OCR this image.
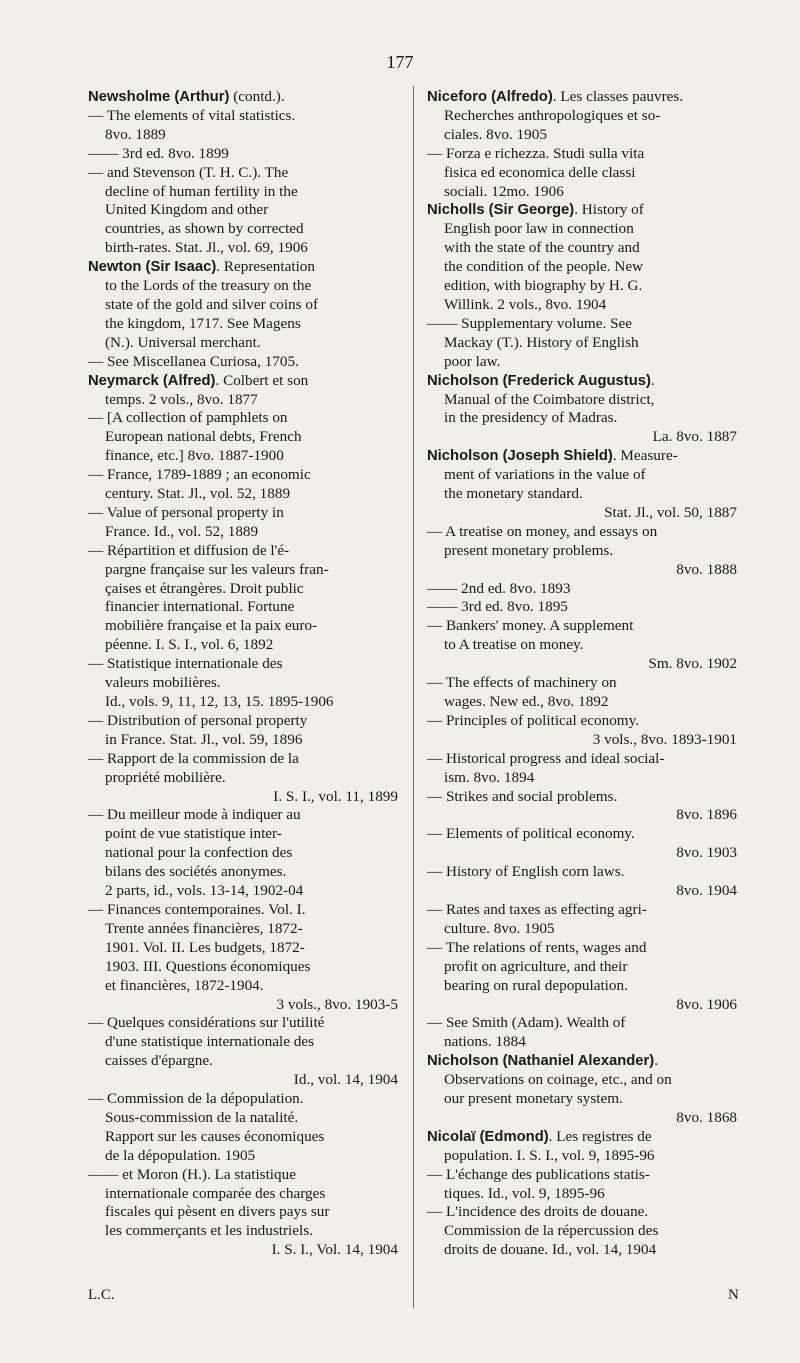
177
Newsholme (Arthur) (contd.).
— The elements of vital statistics.
8vo. 1889
—— 3rd ed. 8vo. 1899
— and Stevenson (T. H. C.). The
decline of human fertility in the
United Kingdom and other
countries, as shown by corrected
birth-rates. Stat. Jl., vol. 69, 1906
Newton (Sir Isaac). Representation
to the Lords of the treasury on the
state of the gold and silver coins of
the kingdom, 1717. See Magens
(N.). Universal merchant.
— See Miscellanea Curiosa, 1705.
Neymarck (Alfred). Colbert et son
temps. 2 vols., 8vo. 1877
— [A collection of pamphlets on
European national debts, French
finance, etc.] 8vo. 1887-1900
— France, 1789-1889 ; an economic
century. Stat. Jl., vol. 52, 1889
— Value of personal property in
France. Id., vol. 52, 1889
— Répartition et diffusion de l'é-
pargne française sur les valeurs fran-
çaises et étrangères. Droit public
financier international. Fortune
mobilière française et la paix euro-
péenne. I. S. I., vol. 6, 1892
— Statistique internationale des
valeurs mobilières.
Id., vols. 9, 11, 12, 13, 15. 1895-1906
— Distribution of personal property
in France. Stat. Jl., vol. 59, 1896
— Rapport de la commission de la
propriété mobilière.
I. S. I., vol. 11, 1899
— Du meilleur mode à indiquer au
point de vue statistique inter-
national pour la confection des
bilans des sociétés anonymes.
2 parts, id., vols. 13-14, 1902-04
— Finances contemporaines. Vol. I.
Trente années financières, 1872-
1901. Vol. II. Les budgets, 1872-
1903. III. Questions économiques
et financières, 1872-1904.
3 vols., 8vo. 1903-5
— Quelques considérations sur l'utilité
d'une statistique internationale des
caisses d'épargne.
Id., vol. 14, 1904
— Commission de la dépopulation.
Sous-commission de la natalité.
Rapport sur les causes économiques
de la dépopulation. 1905
—— et Moron (H.). La statistique
internationale comparée des charges
fiscales qui pèsent en divers pays sur
les commerçants et les industriels.
I. S. I., Vol. 14, 1904
Niceforo (Alfredo). Les classes pauvres.
Recherches anthropologiques et so-
ciales. 8vo. 1905
— Forza e richezza. Studi sulla vita
fisica ed economica delle classi
sociali. 12mo. 1906
Nicholls (Sir George). History of
English poor law in connection
with the state of the country and
the condition of the people. New
edition, with biography by H. G.
Willink. 2 vols., 8vo. 1904
—— Supplementary volume. See
Mackay (T.). History of English
poor law.
Nicholson (Frederick Augustus).
Manual of the Coimbatore district,
in the presidency of Madras.
La. 8vo. 1887
Nicholson (Joseph Shield). Measure-
ment of variations in the value of
the monetary standard.
Stat. Jl., vol. 50, 1887
— A treatise on money, and essays on
present monetary problems.
8vo. 1888
—— 2nd ed. 8vo. 1893
—— 3rd ed. 8vo. 1895
— Bankers' money. A supplement
to A treatise on money.
Sm. 8vo. 1902
— The effects of machinery on
wages. New ed., 8vo. 1892
— Principles of political economy.
3 vols., 8vo. 1893-1901
— Historical progress and ideal social-
ism. 8vo. 1894
— Strikes and social problems.
8vo. 1896
— Elements of political economy.
8vo. 1903
— History of English corn laws.
8vo. 1904
— Rates and taxes as effecting agri-
culture. 8vo. 1905
— The relations of rents, wages and
profit on agriculture, and their
bearing on rural depopulation.
8vo. 1906
— See Smith (Adam). Wealth of
nations. 1884
Nicholson (Nathaniel Alexander).
Observations on coinage, etc., and on
our present monetary system.
8vo. 1868
Nicolaï (Edmond). Les registres de
population. I. S. I., vol. 9, 1895-96
— L'échange des publications statis-
tiques. Id., vol. 9, 1895-96
— L'incidence des droits de douane.
Commission de la répercussion des
droits de douane. Id., vol. 14, 1904
L.C.	N
